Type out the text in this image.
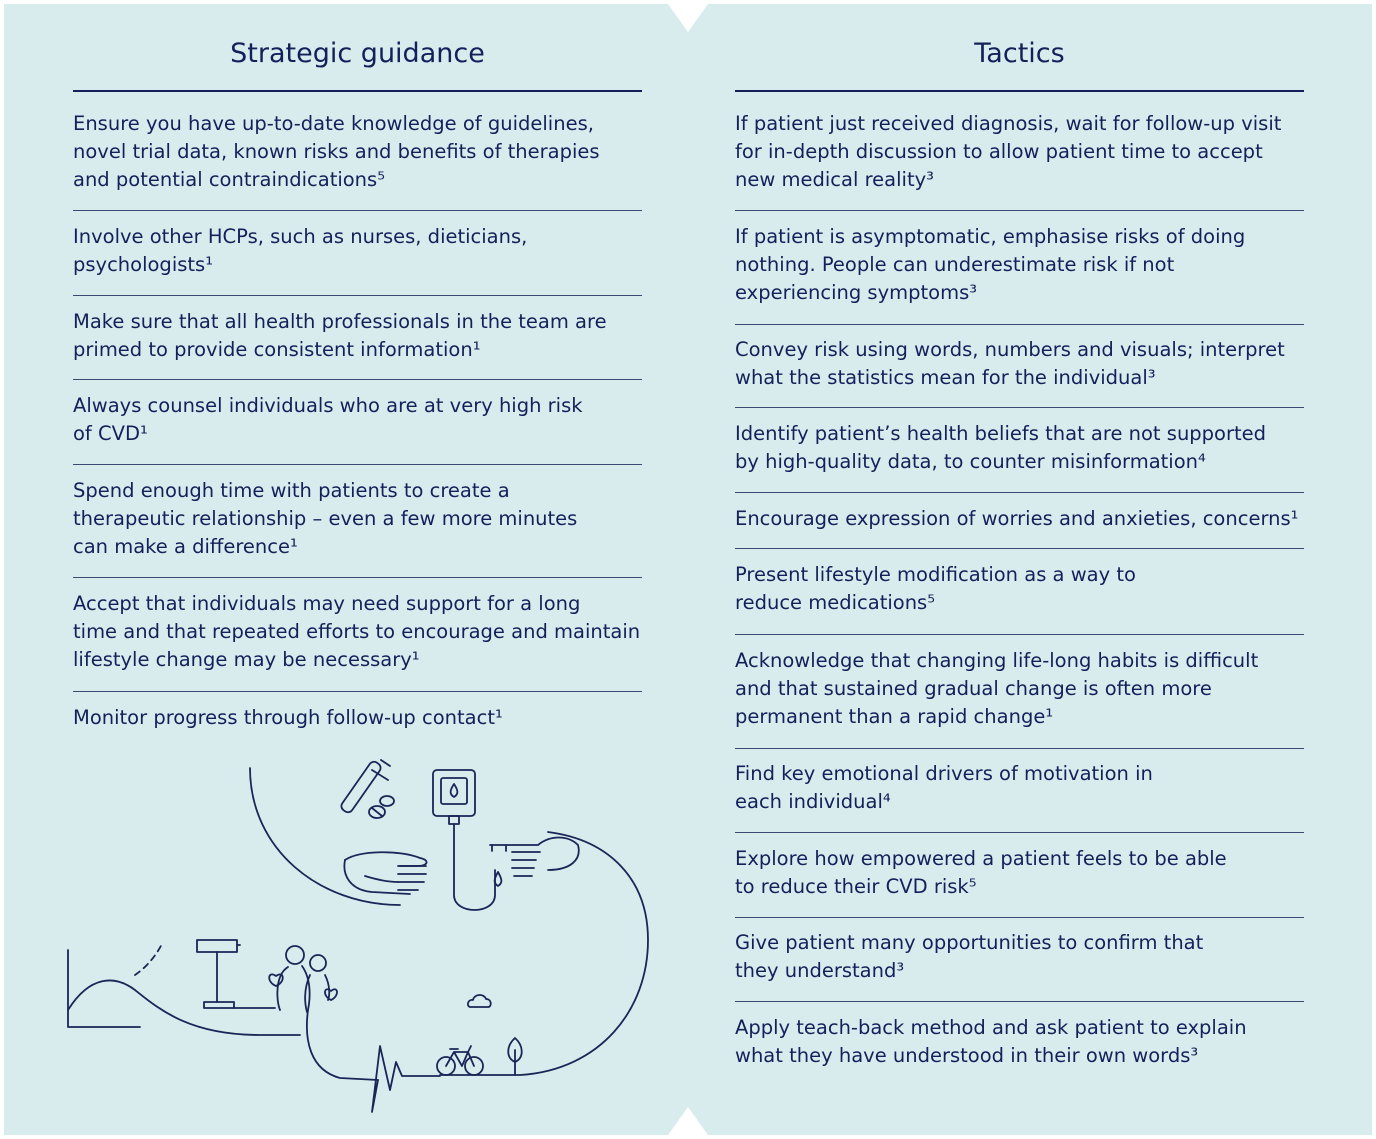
Strategic guidance
Ensure you have up-to-date knowledge of guidelines,
novel trial data, known risks and benefits of therapies
and potential contraindications⁵
Involve other HCPs, such as nurses, dieticians,
psychologists¹
Make sure that all health professionals in the team are
primed to provide consistent information¹
Always counsel individuals who are at very high risk
of CVD¹
Spend enough time with patients to create a
therapeutic relationship – even a few more minutes
can make a difference¹
Accept that individuals may need support for a long
time and that repeated efforts to encourage and maintain
lifestyle change may be necessary¹
Monitor progress through follow-up contact¹
Tactics
If patient just received diagnosis, wait for follow-up visit
for in-depth discussion to allow patient time to accept
new medical reality³
If patient is asymptomatic, emphasise risks of doing
nothing. People can underestimate risk if not
experiencing symptoms³
Convey risk using words, numbers and visuals; interpret
what the statistics mean for the individual³
Identify patient’s health beliefs that are not supported
by high-quality data, to counter misinformation⁴
Encourage expression of worries and anxieties, concerns¹
Present lifestyle modification as a way to
reduce medications⁵
Acknowledge that changing life-long habits is difficult
and that sustained gradual change is often more
permanent than a rapid change¹
Find key emotional drivers of motivation in
each individual⁴
Explore how empowered a patient feels to be able
to reduce their CVD risk⁵
Give patient many opportunities to confirm that
they understand³
Apply teach-back method and ask patient to explain
what they have understood in their own words³
